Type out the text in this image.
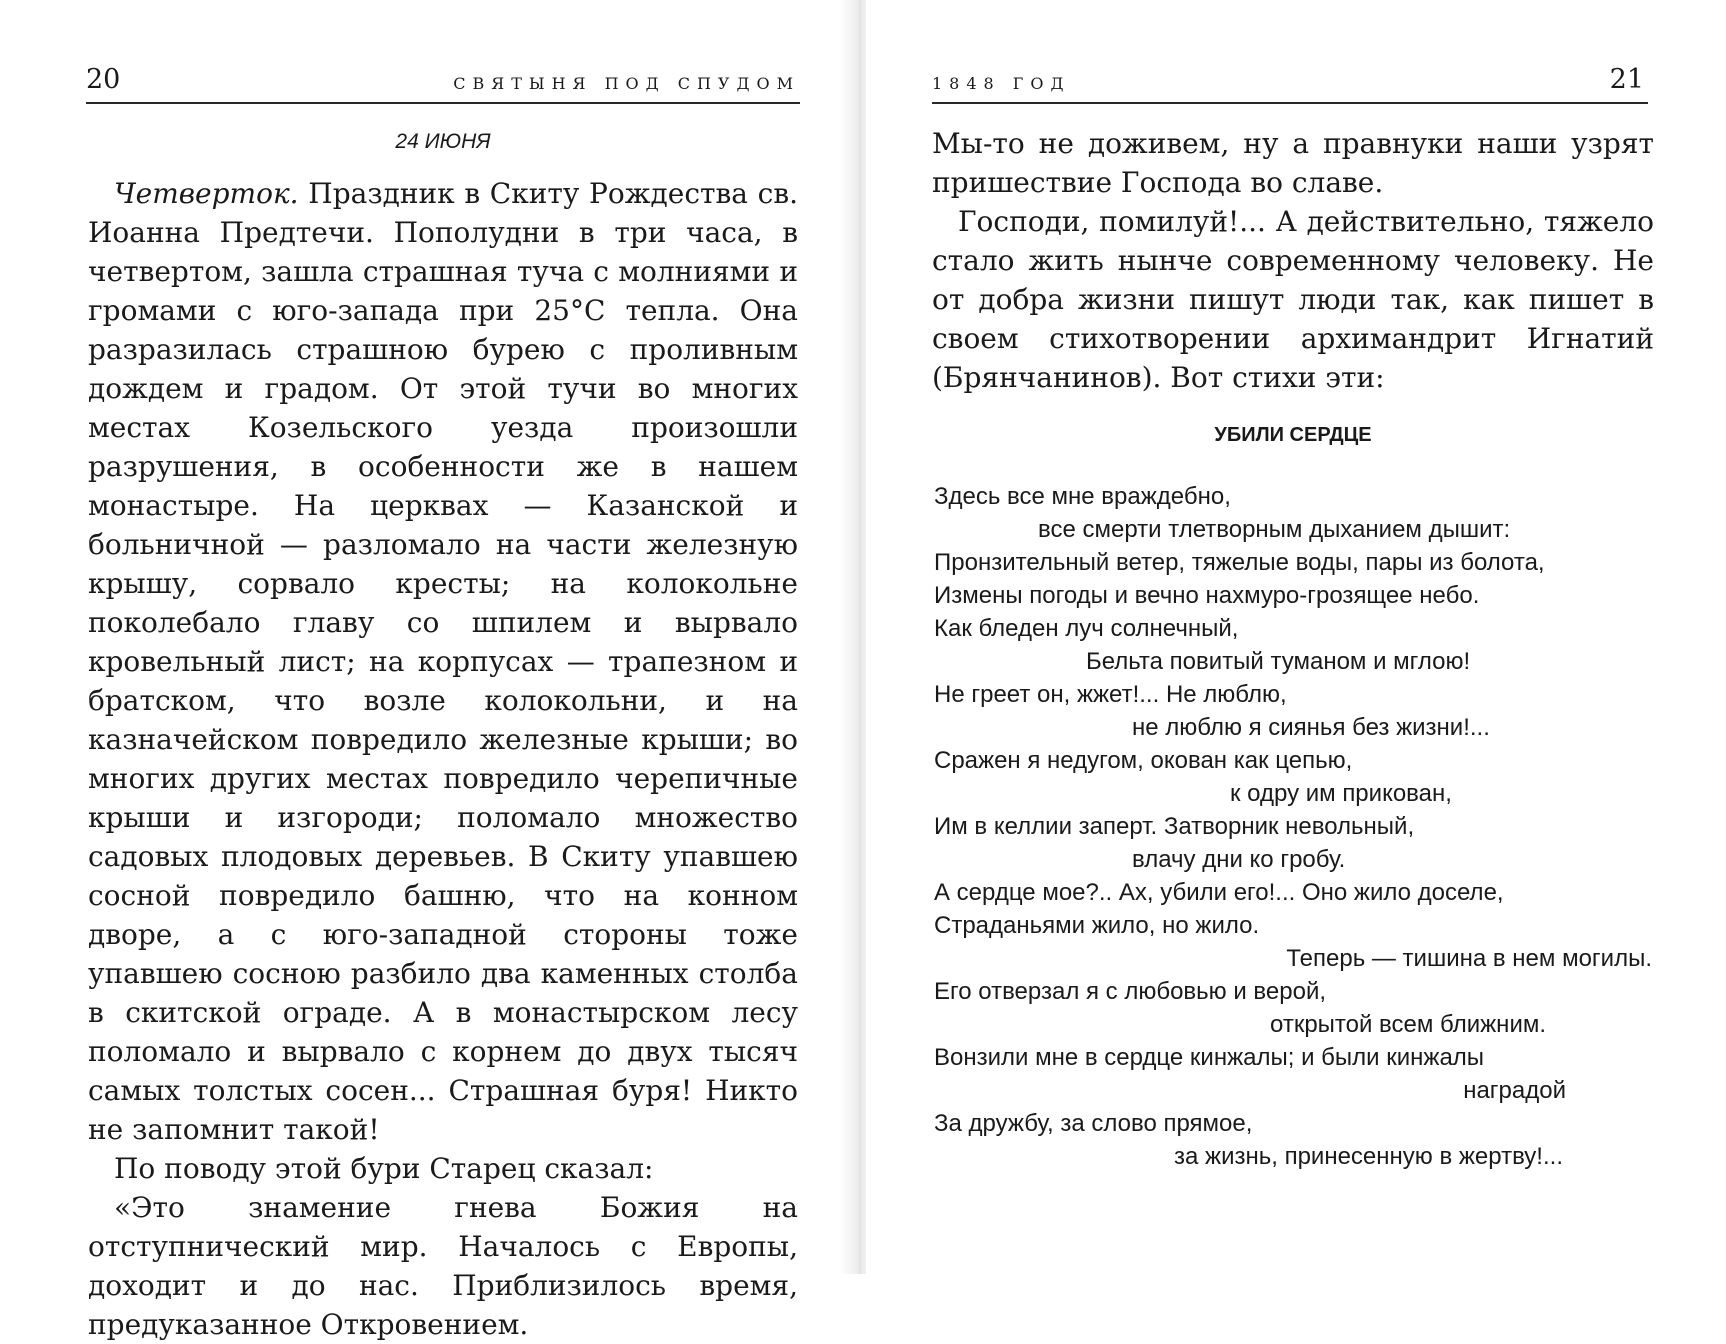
20	СВЯТЫНЯ ПОД СПУДОМ
24 ИЮНЯ

Четверток. Праздник в Скиту Рождества св. Иоанна Предтечи. Пополудни в три часа, в четвертом, зашла страшная туча с молниями и громами с юго-запада при 25°С тепла. Она разразилась страшною бурею с проливным дождем и градом. От этой тучи во многих местах Козельского уезда произошли разрушения, в особенности же в нашем монастыре. На церквах — Казанской и больничной — разломало на части железную крышу, сорвало кресты; на колокольне поколебало главу со шпилем и вырвало кровельный лист; на корпусах — трапезном и братском, что возле колокольни, и на казначейском повредило железные крыши; во многих других местах повредило черепичные крыши и изгороди; поломало множество садовых плодовых деревьев. В Скиту упавшею сосной повредило башню, что на конном дворе, а с юго-западной стороны тоже упавшею сосною разбило два каменных столба в скитской ограде. А в монастырском лесу поломало и вырвало с корнем до двух тысяч самых толстых сосен... Страшная буря! Никто не запомнит такой!

По поводу этой бури Старец сказал:

«Это знамение гнева Божия на отступнический мир. Началось с Европы, доходит и до нас. Приблизилось время, предуказанное Откровением.

1848 ГОД	21

Мы-то не доживем, ну а правнуки наши узрят пришествие Господа во славе.

Господи, помилуй!... А действительно, тяжело стало жить нынче современному человеку. Не от добра жизни пишут люди так, как пишет в своем стихотворении архимандрит Игнатий (Брянчанинов). Вот стихи эти:

УБИЛИ СЕРДЦЕ
Здесь все мне враждебно,
все смерти тлетворным дыханием дышит:
Пронзительный ветер, тяжелые воды, пары из болота,
Измены погоды и вечно нахмуро-грозящее небо.
Как бледен луч солнечный,
Бельта повитый туманом и мглою!
Не греет он, жжет!... Не люблю,
не люблю я сиянья без жизни!...
Сражен я недугом, окован как цепью,
к одру им прикован,
Им в келлии заперт. Затворник невольный,
влачу дни ко гробу.
А сердце мое?.. Ах, убили его!... Оно жило доселе,
Страданьями жило, но жило.
Теперь — тишина в нем могилы.
Его отверзал я с любовью и верой,
открытой всем ближним.
Вонзили мне в сердце кинжалы; и были кинжалы
наградой
За дружбу, за слово прямое,
за жизнь, принесенную в жертву!...
